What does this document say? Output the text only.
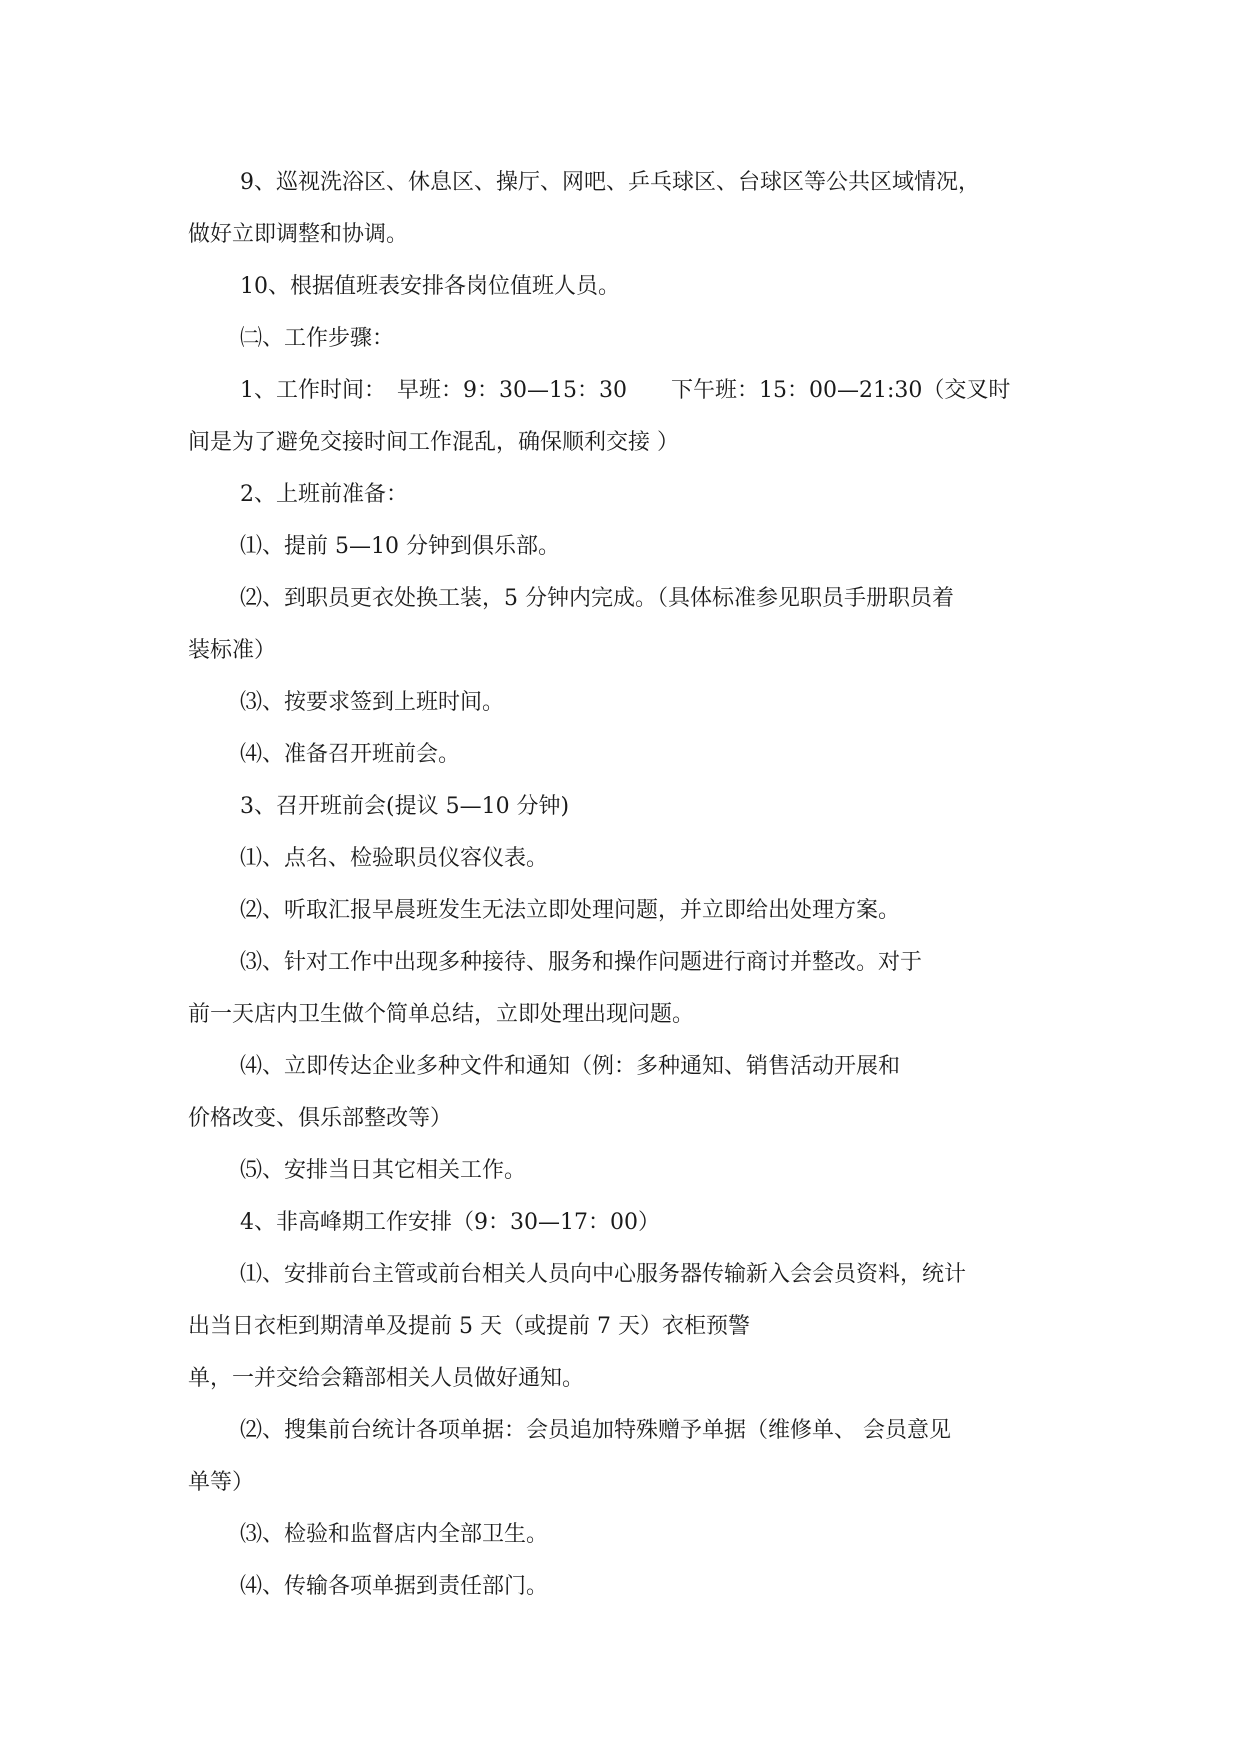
9、巡视洗浴区、休息区、操厅、网吧、乒乓球区、台球区等公共区域情况，
做好立即调整和协调。
10、根据值班表安排各岗位值班人员。
㈡、工作步骤：
1、工作时间：　早班：9：30—15：30　　下午班：15：00—21:30（交叉时
间是为了避免交接时间工作混乱，确保顺利交接 ）
2、上班前准备：
⑴、提前 5—10 分钟到俱乐部。
⑵、到职员更衣处换工装，5 分钟内完成。（具体标准参见职员手册职员着
装标准）
⑶、按要求签到上班时间。
⑷、准备召开班前会。
3、召开班前会(提议 5—10 分钟)
⑴、点名、检验职员仪容仪表。
⑵、听取汇报早晨班发生无法立即处理问题，并立即给出处理方案。
⑶、针对工作中出现多种接待、服务和操作问题进行商讨并整改。对于
前一天店内卫生做个简单总结，立即处理出现问题。
⑷、立即传达企业多种文件和通知（例：多种通知、销售活动开展和
价格改变、俱乐部整改等）
⑸、安排当日其它相关工作。
4、非高峰期工作安排（9：30—17：00）
⑴、安排前台主管或前台相关人员向中心服务器传输新入会会员资料，统计
出当日衣柜到期清单及提前 5 天（或提前 7 天）衣柜预警
单，一并交给会籍部相关人员做好通知。
⑵、搜集前台统计各项单据：会员追加特殊赠予单据（维修单、 会员意见
单等）
⑶、检验和监督店内全部卫生。
⑷、传输各项单据到责任部门。
